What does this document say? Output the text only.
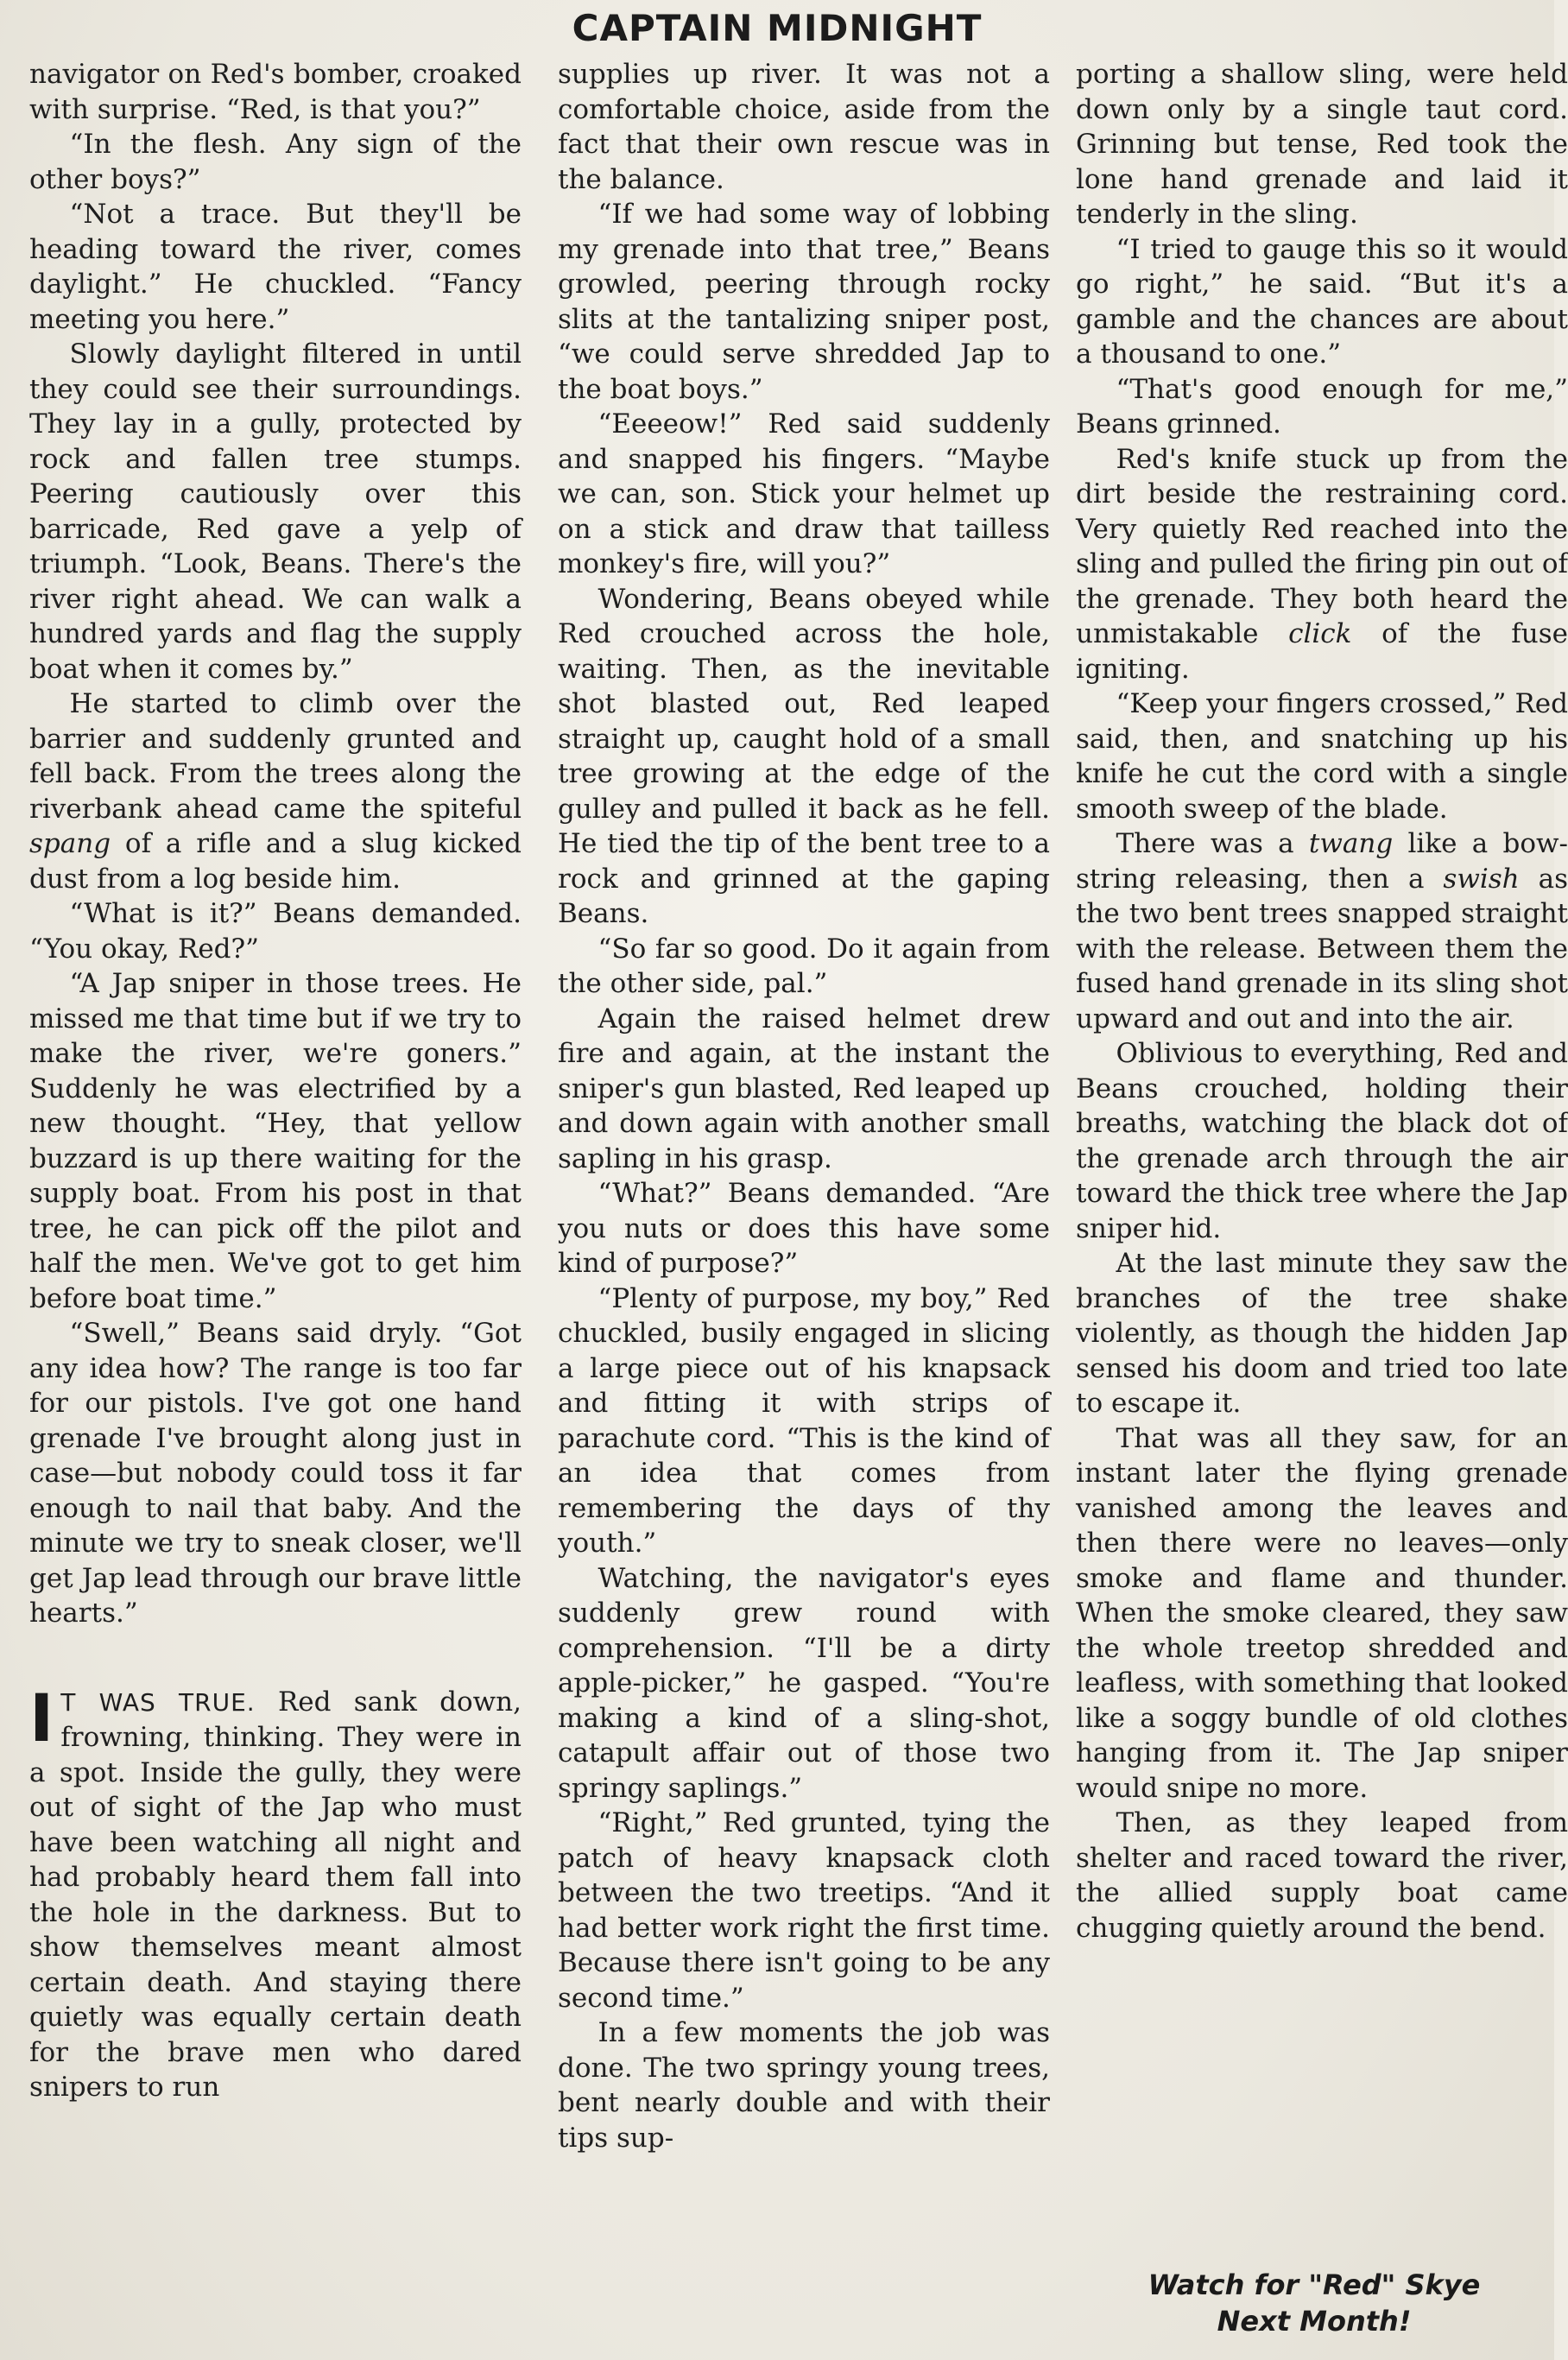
CAPTAIN MIDNIGHT

navigator on Red's bomber, croaked with surprise. “Red, is that you?”

“In the flesh. Any sign of the other boys?”

“Not a trace. But they'll be heading toward the river, comes daylight.” He chuckled. “Fancy meeting you here.”

Slowly daylight filtered in until they could see their surroundings. They lay in a gully, protected by rock and fallen tree stumps. Peering cautiously over this barricade, Red gave a yelp of triumph. “Look, Beans. There's the river right ahead. We can walk a hundred yards and flag the supply boat when it comes by.”

He started to climb over the barrier and suddenly grunted and fell back. From the trees along the riverbank ahead came the spiteful spang of a rifle and a slug kicked dust from a log beside him.

“What is it?” Beans demanded. “You okay, Red?”

“A Jap sniper in those trees. He missed me that time but if we try to make the river, we're goners.” Suddenly he was electrified by a new thought. “Hey, that yellow buzzard is up there waiting for the supply boat. From his post in that tree, he can pick off the pilot and half the men. We've got to get him before boat time.”

“Swell,” Beans said dryly. “Got any idea how? The range is too far for our pistols. I've got one hand grenade I've brought along just in case—but nobody could toss it far enough to nail that baby. And the minute we try to sneak closer, we'll get Jap lead through our brave little hearts.”

I T WAS TRUE. Red sank down, frowning, thinking. They were in a spot. Inside the gully, they were out of sight of the Jap who must have been watching all night and had probably heard them fall into the hole in the darkness. But to show themselves meant almost certain death. And staying there quietly was equally certain death for the brave men who dared snipers to run

supplies up river. It was not a comfortable choice, aside from the fact that their own rescue was in the balance.

“If we had some way of lobbing my grenade into that tree,” Beans growled, peering through rocky slits at the tantalizing sniper post, “we could serve shredded Jap to the boat boys.”

“Eeeeow!” Red said suddenly and snapped his fingers. “Maybe we can, son. Stick your helmet up on a stick and draw that tailless monkey's fire, will you?”

Wondering, Beans obeyed while Red crouched across the hole, waiting. Then, as the inevitable shot blasted out, Red leaped straight up, caught hold of a small tree growing at the edge of the gulley and pulled it back as he fell. He tied the tip of the bent tree to a rock and grinned at the gaping Beans.

“So far so good. Do it again from the other side, pal.”

Again the raised helmet drew fire and again, at the instant the sniper's gun blasted, Red leaped up and down again with another small sapling in his grasp.

“What?” Beans demanded. “Are you nuts or does this have some kind of purpose?”

“Plenty of purpose, my boy,” Red chuckled, busily engaged in slicing a large piece out of his knapsack and fitting it with strips of parachute cord. “This is the kind of an idea that comes from remembering the days of thy youth.”

Watching, the navigator's eyes suddenly grew round with comprehension. “I'll be a dirty apple-picker,” he gasped. “You're making a kind of a sling-shot, catapult affair out of those two springy saplings.”

“Right,” Red grunted, tying the patch of heavy knapsack cloth between the two treetips. “And it had better work right the first time. Because there isn't going to be any second time.”

In a few moments the job was done. The two springy young trees, bent nearly double and with their tips sup-

porting a shallow sling, were held down only by a single taut cord. Grinning but tense, Red took the lone hand grenade and laid it tenderly in the sling.

“I tried to gauge this so it would go right,” he said. “But it's a gamble and the chances are about a thousand to one.”

“That's good enough for me,” Beans grinned.

Red's knife stuck up from the dirt beside the restraining cord. Very quietly Red reached into the sling and pulled the firing pin out of the grenade. They both heard the unmistakable click of the fuse igniting.

“Keep your fingers crossed,” Red said, then, and snatching up his knife he cut the cord with a single smooth sweep of the blade.

There was a twang like a bow-string releasing, then a swish as the two bent trees snapped straight with the release. Between them the fused hand grenade in its sling shot upward and out and into the air.

Oblivious to everything, Red and Beans crouched, holding their breaths, watching the black dot of the grenade arch through the air toward the thick tree where the Jap sniper hid.

At the last minute they saw the branches of the tree shake violently, as though the hidden Jap sensed his doom and tried too late to escape it.

That was all they saw, for an instant later the flying grenade vanished among the leaves and then there were no leaves—only smoke and flame and thunder. When the smoke cleared, they saw the whole treetop shredded and leafless, with something that looked like a soggy bundle of old clothes hanging from it. The Jap sniper would snipe no more.

Then, as they leaped from shelter and raced toward the river, the allied supply boat came chugging quietly around the bend.

Watch for "Red" Skye
Next Month!
